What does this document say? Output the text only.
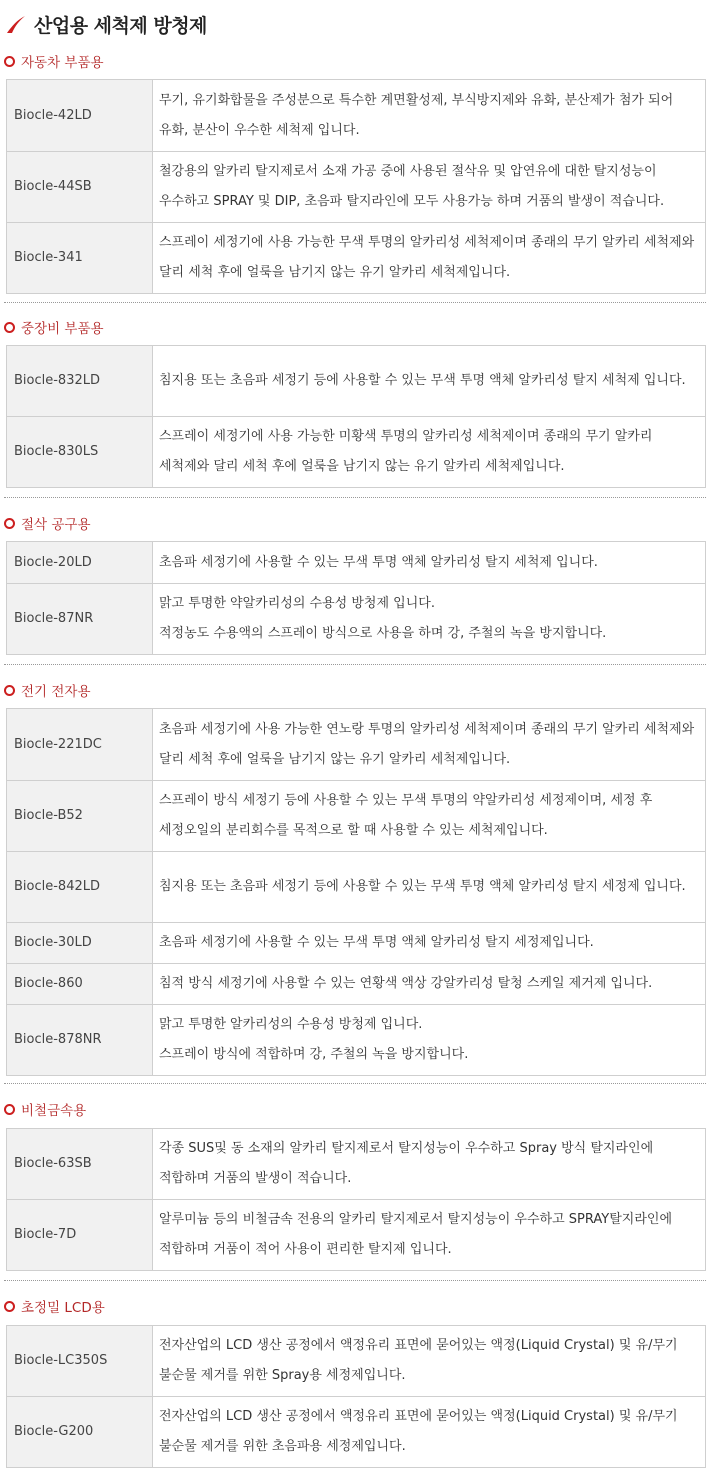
산업용 세척제 방청제
자동차 부품용
Biocle-42LD	무기, 유기화합물을 주성분으로 특수한 계면활성제, 부식방지제와 유화, 분산제가 첨가 되어 유화, 분산이 우수한 세척제 입니다.
Biocle-44SB	철강용의 알카리 탈지제로서 소재 가공 중에 사용된 절삭유 및 압연유에 대한 탈지성능이 우수하고 SPRAY 및 DIP, 초음파 탈지라인에 모두 사용가능 하며 거품의 발생이 적습니다.
Biocle-341	스프레이 세정기에 사용 가능한 무색 투명의 알카리성 세척제이며 종래의 무기 알카리 세척제와 달리 세척 후에 얼룩을 남기지 않는 유기 알카리 세척제입니다.
중장비 부품용
Biocle-832LD	침지용 또는 초음파 세정기 등에 사용할 수 있는 무색 투명 액체 알카리성 탈지 세척제 입니다.
Biocle-830LS	스프레이 세정기에 사용 가능한 미황색 투명의 알카리성 세척제이며 종래의 무기 알카리 세척제와 달리 세척 후에 얼룩을 남기지 않는 유기 알카리 세척제입니다.
절삭 공구용
Biocle-20LD	초음파 세정기에 사용할 수 있는 무색 투명 액체 알카리성 탈지 세척제 입니다.
Biocle-87NR	맑고 투명한 약알카리성의 수용성 방청제 입니다.
적정농도 수용액의 스프레이 방식으로 사용을 하며 강, 주철의 녹을 방지합니다.
전기 전자용
Biocle-221DC	초음파 세정기에 사용 가능한 연노랑 투명의 알카리성 세척제이며 종래의 무기 알카리 세척제와 달리 세척 후에 얼룩을 남기지 않는 유기 알카리 세척제입니다.
Biocle-B52	스프레이 방식 세정기 등에 사용할 수 있는 무색 투명의 약알카리성 세정제이며, 세정 후 세정오일의 분리회수를 목적으로 할 때 사용할 수 있는 세척제입니다.
Biocle-842LD	침지용 또는 초음파 세정기 등에 사용할 수 있는 무색 투명 액체 알카리성 탈지 세정제 입니다.
Biocle-30LD	초음파 세정기에 사용할 수 있는 무색 투명 액체 알카리성 탈지 세정제입니다.
Biocle-860	침적 방식 세정기에 사용할 수 있는 연황색 액상 강알카리성 탈청 스케일 제거제 입니다.
Biocle-878NR	맑고 투명한 알카리성의 수용성 방청제 입니다.
스프레이 방식에 적합하며 강, 주철의 녹을 방지합니다.
비철금속용
Biocle-63SB	각종 SUS및 동 소재의 알카리 탈지제로서 탈지성능이 우수하고 Spray 방식 탈지라인에 적합하며 거품의 발생이 적습니다.
Biocle-7D	알루미늄 등의 비철금속 전용의 알카리 탈지제로서 탈지성능이 우수하고 SPRAY탈지라인에 적합하며 거품이 적어 사용이 편리한 탈지제 입니다.
초정밀 LCD용
Biocle-LC350S	전자산업의 LCD 생산 공정에서 액정유리 표면에 묻어있는 액정(Liquid Crystal) 및 유/무기 불순물 제거를 위한 Spray용 세정제입니다.
Biocle-G200	전자산업의 LCD 생산 공정에서 액정유리 표면에 묻어있는 액정(Liquid Crystal) 및 유/무기 불순물 제거를 위한 초음파용 세정제입니다.
